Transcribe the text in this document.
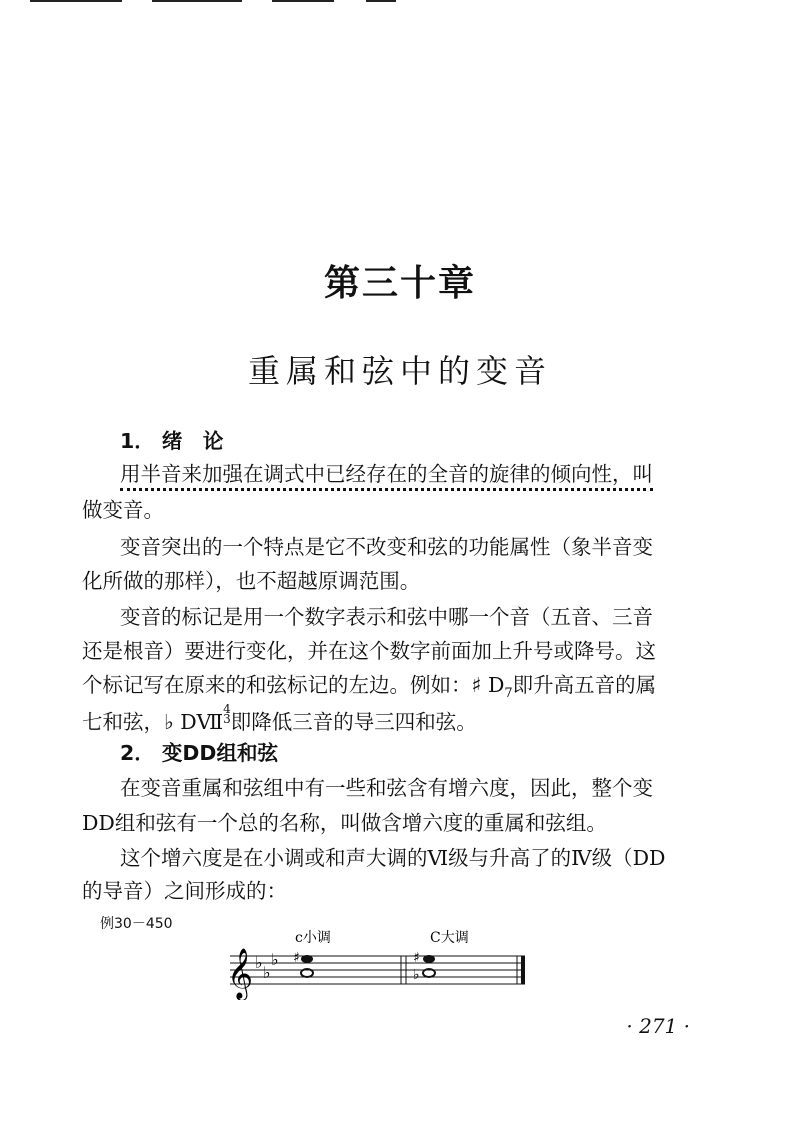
第三十章
重属和弦中的变音
1． 绪　论
用半音来加强在调式中已经存在的全音的旋律的倾向性，叫
做变音。
变音突出的一个特点是它不改变和弦的功能属性（象半音变
化所做的那样），也不超越原调范围。
变音的标记是用一个数字表示和弦中哪一个音（五音、三音
还是根音）要进行变化，并在这个数字前面加上升号或降号。这
个标记写在原来的和弦标记的左边。例如：♯ $D_7$即升高五音的属
七和弦，♭ DⅦ$^{4 3}$即降低三音的导三四和弦。
2． 变DD组和弦
在变音重属和弦组中有一些和弦含有增六度，因此，整个变
DD组和弦有一个总的名称，叫做含增六度的重属和弦组。
这个增六度是在小调或和声大调的Ⅵ级与升高了的Ⅳ级（DD
的导音）之间形成的：
例30－450
c小调	C大调
𝄞 ♭
♭
♭ ♯	♯
♭
· 271 ·
